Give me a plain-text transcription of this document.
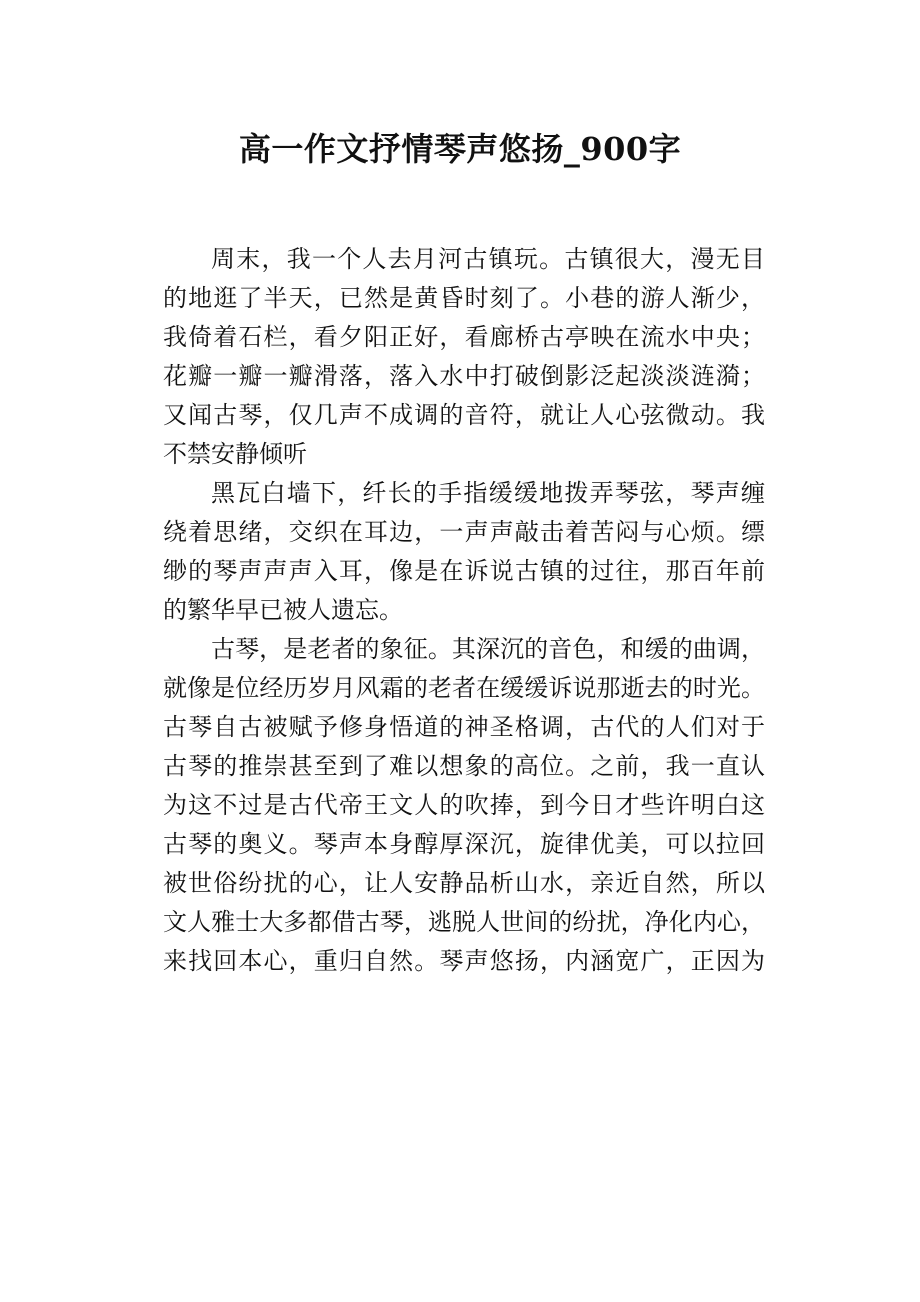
高一作文抒情琴声悠扬_900字

周末，我一个人去月河古镇玩。古镇很大，漫无目
的地逛了半天，已然是黄昏时刻了。小巷的游人渐少，
我倚着石栏，看夕阳正好，看廊桥古亭映在流水中央；
花瓣一瓣一瓣滑落，落入水中打破倒影泛起淡淡涟漪；
又闻古琴，仅几声不成调的音符，就让人心弦微动。我
不禁安静倾听

黑瓦白墙下，纤长的手指缓缓地拨弄琴弦，琴声缠
绕着思绪，交织在耳边，一声声敲击着苦闷与心烦。缥
缈的琴声声声入耳，像是在诉说古镇的过往，那百年前
的繁华早已被人遗忘。

古琴，是老者的象征。其深沉的音色，和缓的曲调，
就像是位经历岁月风霜的老者在缓缓诉说那逝去的时光。
古琴自古被赋予修身悟道的神圣格调，古代的人们对于
古琴的推崇甚至到了难以想象的高位。之前，我一直认
为这不过是古代帝王文人的吹捧，到今日才些许明白这
古琴的奥义。琴声本身醇厚深沉，旋律优美，可以拉回
被世俗纷扰的心，让人安静品析山水，亲近自然，所以
文人雅士大多都借古琴，逃脱人世间的纷扰，净化内心，
来找回本心，重归自然。琴声悠扬，内涵宽广，正因为
